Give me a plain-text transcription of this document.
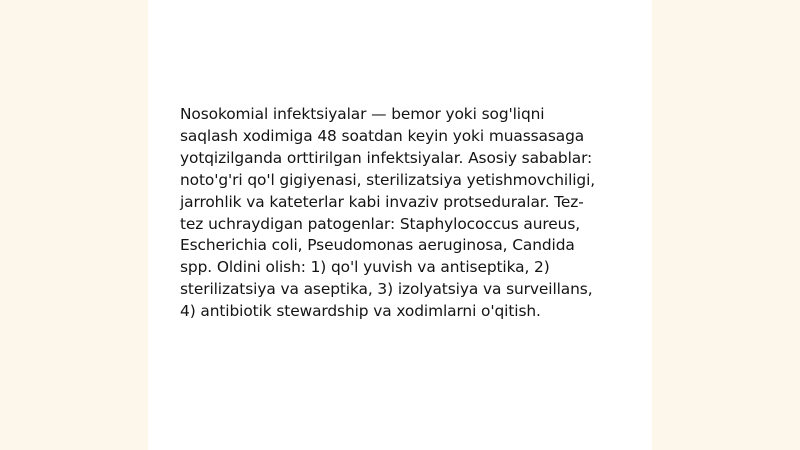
Nosokomial infektsiyalar — bemor yoki sog'liqni
saqlash xodimiga 48 soatdan keyin yoki muassasaga
yotqizilganda orttirilgan infektsiyalar. Asosiy sabablar:
noto'g'ri qo'l gigiyenasi, sterilizatsiya yetishmovchiligi,
jarrohlik va kateterlar kabi invaziv protseduralar. Tez-
tez uchraydigan patogenlar: Staphylococcus aureus,
Escherichia coli, Pseudomonas aeruginosa, Candida
spp. Oldini olish: 1) qo'l yuvish va antiseptika, 2)
sterilizatsiya va aseptika, 3) izolyatsiya va surveillans,
4) antibiotik stewardship va xodimlarni o'qitish.
